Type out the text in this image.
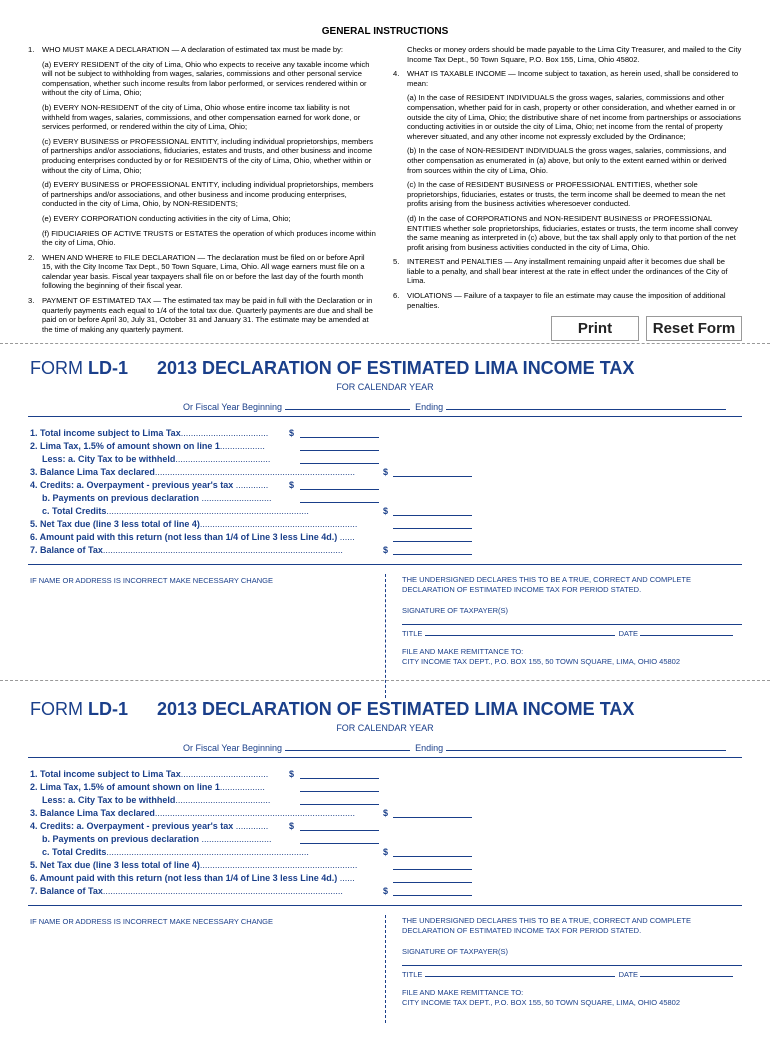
GENERAL INSTRUCTIONS

1. WHO MUST MAKE A DECLARATION — A declaration of estimated tax must be made by:

(a) EVERY RESIDENT of the city of Lima, Ohio who expects to receive any taxable income which will not be subject to withholding from wages, salaries, commissions and other personal service compensation, whether such income results from labor performed, or services rendered within or without the city of Lima, Ohio;

(b) EVERY NON-RESIDENT of the city of Lima, Ohio whose entire income tax liability is not withheld from wages, salaries, commissions, and other compensation earned for work done, or services performed, or rendered within the city of Lima, Ohio;

(c) EVERY BUSINESS or PROFESSIONAL ENTITY, including individual proprietorships, members of partnerships and/or associations, fiduciaries, estates and trusts, and other business and income producing enterprises conducted by or for RESIDENTS of the city of Lima, Ohio, whether within or without the city of Lima, Ohio;

(d) EVERY BUSINESS or PROFESSIONAL ENTITY, including individual proprietorships, members of partnerships and/or associations, and other business and income producing enterprises, conducted in the city of Lima, Ohio, by NON-RESIDENTS;

(e) EVERY CORPORATION conducting activities in the city of Lima, Ohio;

(f) FIDUCIARIES OF ACTIVE TRUSTS or ESTATES the operation of which produces income within the city of Lima, Ohio.

2. WHEN AND WHERE to FILE DECLARATION — The declaration must be filed on or before April 15, with the City Income Tax Dept., 50 Town Square, Lima, Ohio. All wage earners must file on a calendar year basis. Fiscal year taxpayers shall file on or before the last day of the fourth month following the beginning of their fiscal year.

3. PAYMENT OF ESTIMATED TAX — The estimated tax may be paid in full with the Declaration or in quarterly payments each equal to 1/4 of the total tax due. Quarterly payments are due and shall be paid on or before April 30, July 31, October 31 and January 31. The estimate may be amended at the time of making any quarterly payment.

Checks or money orders should be made payable to the Lima City Treasurer, and mailed to the City Income Tax Dept., 50 Town Square, P.O. Box 155, Lima, Ohio 45802.

4. WHAT IS TAXABLE INCOME — Income subject to taxation, as herein used, shall be considered to mean:

(a) In the case of RESIDENT INDIVIDUALS the gross wages, salaries, commissions and other compensation, whether paid for in cash, property or other consideration, and whether earned in or outside the city of Lima, Ohio; the distributive share of net income from partnerships or associations conducting activities in or outside the city of Lima, Ohio; net income from the rental of property wherever situated, and any other income not expressly excluded by the Ordinance;

(b) In the case of NON-RESIDENT INDIVIDUALS the gross wages, salaries, commissions, and other compensation as enumerated in (a) above, but only to the extent earned within or derived from sources within the city of Lima, Ohio.

(c) In the case of RESIDENT BUSINESS or PROFESSIONAL ENTITIES, whether sole proprietorships, fiduciaries, estates or trusts, the term income shall be deemed to mean the net profits arising from the business activities wheresoever conducted.

(d) In the case of CORPORATIONS and NON-RESIDENT BUSINESS or PROFESSIONAL ENTITIES whether sole proprietorships, fiduciaries, estates or trusts, the term income shall convey the same meaning as interpreted in (c) above, but the tax shall apply only to that portion of the net profit arising from business activities conducted in the city of Lima, Ohio.

5. INTEREST and PENALTIES — Any installment remaining unpaid after it becomes due shall be liable to a penalty, and shall bear interest at the rate in effect under the ordinances of the City of Lima.

6. VIOLATIONS — Failure of a taxpayer to file an estimate may cause the imposition of additional penalties.

Print	Reset Form
FORM LD-1 2013 DECLARATION OF ESTIMATED LIMA INCOME TAX
FOR CALENDAR YEAR
Or Fiscal Year Beginning	Ending
1. Total income subject to Lima Tax................................... $
2. Lima Tax, 1.5% of amount shown on line 1..................
Less: a. City Tax to be withheld......................................
3. Balance Lima Tax declared................................................................................	$
4. Credits: a. Overpayment - previous year's tax ............. $
b. Payments on previous declaration ............................
c. Total Credits.................................................................................	$
5. Net Tax due (line 3 less total of line 4)...............................................................
6. Amount paid with this return (not less than 1/4 of Line 3 less Line 4d.) ......
7. Balance of Tax................................................................................................	$
IF NAME OR ADDRESS IS INCORRECT MAKE NECESSARY CHANGE	THE UNDERSIGNED DECLARES THIS TO BE A TRUE, CORRECT AND COMPLETE DECLARATION OF ESTIMATED INCOME TAX FOR PERIOD STATED.
SIGNATURE OF TAXPAYER(S)
TITLE	DATE
FILE AND MAKE REMITTANCE TO:
CITY INCOME TAX DEPT., P.O. BOX 155, 50 TOWN SQUARE, LIMA, OHIO 45802
FORM LD-1 2013 DECLARATION OF ESTIMATED LIMA INCOME TAX
FOR CALENDAR YEAR
Or Fiscal Year Beginning	Ending
1. Total income subject to Lima Tax................................... $
2. Lima Tax, 1.5% of amount shown on line 1..................
Less: a. City Tax to be withheld......................................
3. Balance Lima Tax declared................................................................................	$
4. Credits: a. Overpayment - previous year's tax ............. $
b. Payments on previous declaration ............................
c. Total Credits.................................................................................	$
5. Net Tax due (line 3 less total of line 4)...............................................................
6. Amount paid with this return (not less than 1/4 of Line 3 less Line 4d.) ......
7. Balance of Tax................................................................................................	$
IF NAME OR ADDRESS IS INCORRECT MAKE NECESSARY CHANGE	THE UNDERSIGNED DECLARES THIS TO BE A TRUE, CORRECT AND COMPLETE DECLARATION OF ESTIMATED INCOME TAX FOR PERIOD STATED.
SIGNATURE OF TAXPAYER(S)
TITLE	DATE
FILE AND MAKE REMITTANCE TO:
CITY INCOME TAX DEPT., P.O. BOX 155, 50 TOWN SQUARE, LIMA, OHIO 45802
